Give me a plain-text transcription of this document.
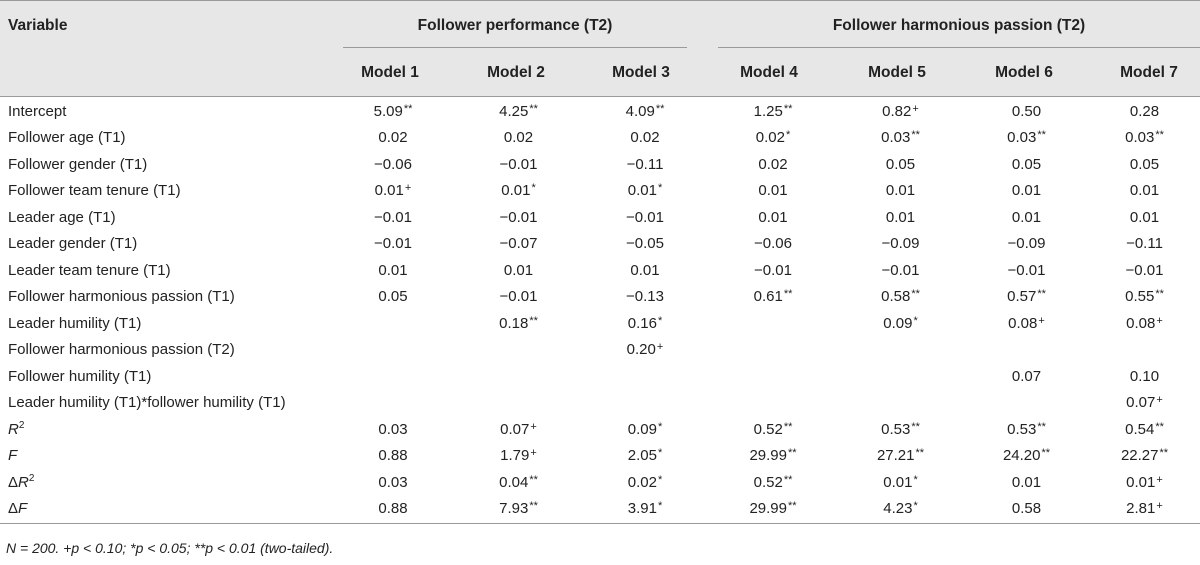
Variable	Follower performance (T2)	Follower harmonious passion (T2)
Model 1	Model 2	Model 3	Model 4	Model 5	Model 6	Model 7
Intercept	5.09**	4.25**	4.09**	1.25**	0.82+	0.50	0.28
Follower age (T1)	0.02	0.02	0.02	0.02*	0.03**	0.03**	0.03**
Follower gender (T1)	−0.06	−0.01	−0.11	0.02	0.05	0.05	0.05
Follower team tenure (T1)	0.01+	0.01*	0.01*	0.01	0.01	0.01	0.01
Leader age (T1)	−0.01	−0.01	−0.01	0.01	0.01	0.01	0.01
Leader gender (T1)	−0.01	−0.07	−0.05	−0.06	−0.09	−0.09	−0.11
Leader team tenure (T1)	0.01	0.01	0.01	−0.01	−0.01	−0.01	−0.01
Follower harmonious passion (T1)	0.05	−0.01	−0.13	0.61**	0.58**	0.57**	0.55**
Leader humility (T1)		0.18**	0.16*		0.09*	0.08+	0.08+
Follower harmonious passion (T2)			0.20+				
Follower humility (T1)						0.07	0.10
Leader humility (T1)*follower humility (T1)							0.07+
$R^2$	0.03	0.07+	0.09*	0.52**	0.53**	0.53**	0.54**
F	0.88	1.79+	2.05*	29.99**	27.21**	24.20**	22.27**
$\Delta R^2$	0.03	0.04**	0.02*	0.52**	0.01*	0.01	0.01+
ΔF	0.88	7.93**	3.91*	29.99**	4.23*	0.58	2.81+
N = 200. +p < 0.10; *p < 0.05; **p < 0.01 (two-tailed).
